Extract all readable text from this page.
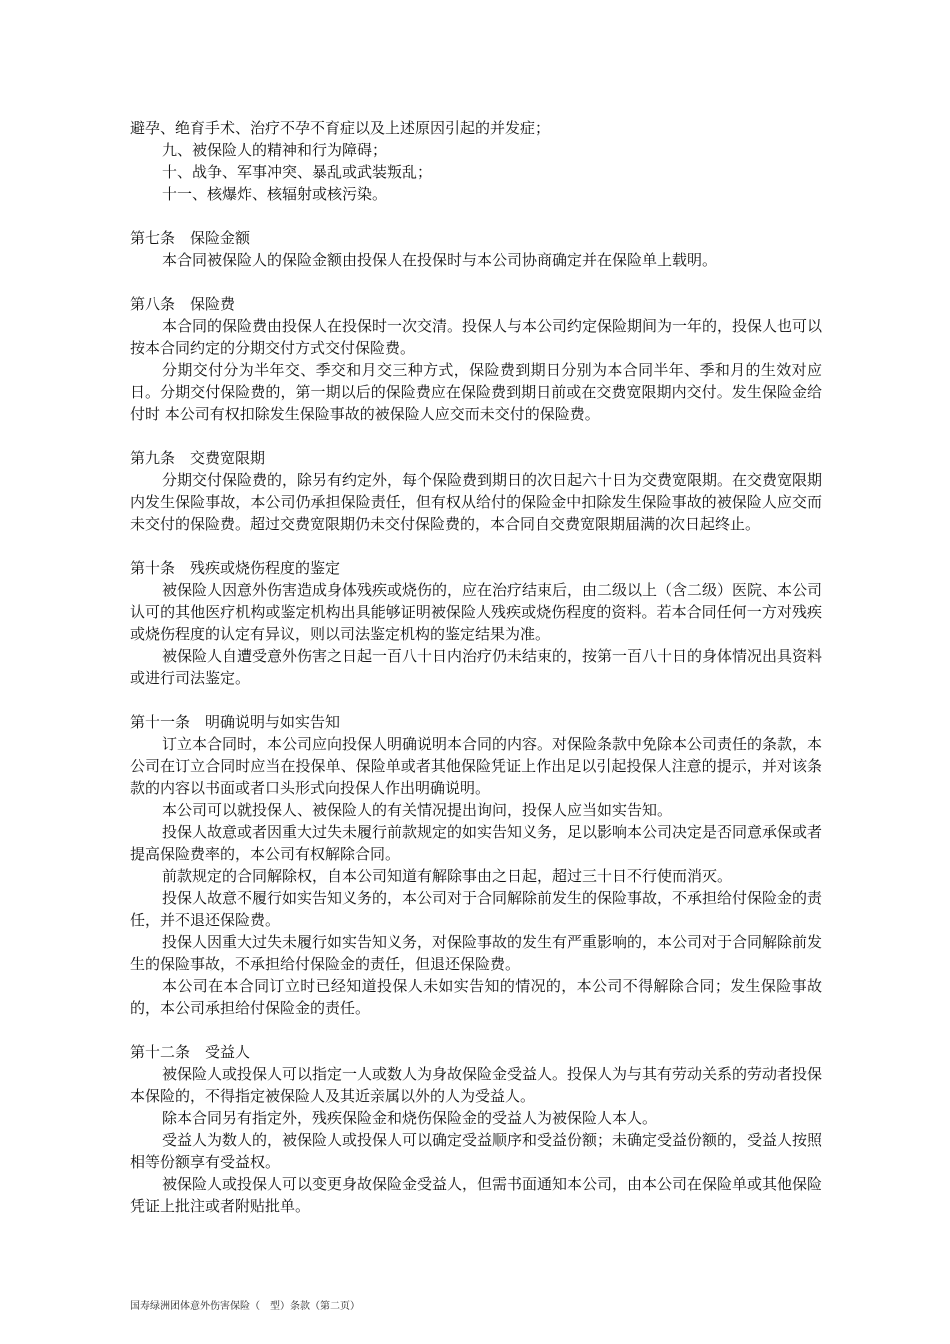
避孕、绝育手术、治疗不孕不育症以及上述原因引起的并发症；

九、被保险人的精神和行为障碍；

十、战争、军事冲突、暴乱或武装叛乱；

十一、核爆炸、核辐射或核污染。

第七条　保险金额

本合同被保险人的保险金额由投保人在投保时与本公司协商确定并在保险单上载明。

第八条　保险费

本合同的保险费由投保人在投保时一次交清。投保人与本公司约定保险期间为一年的，投保人也可以按本合同约定的分期交付方式交付保险费。

分期交付分为半年交、季交和月交三种方式，保险费到期日分别为本合同半年、季和月的生效对应日。分期交付保险费的，第一期以后的保险费应在保险费到期日前或在交费宽限期内交付。发生保险金给付时 本公司有权扣除发生保险事故的被保险人应交而未交付的保险费。

第九条　交费宽限期

分期交付保险费的，除另有约定外，每个保险费到期日的次日起六十日为交费宽限期。在交费宽限期内发生保险事故，本公司仍承担保险责任，但有权从给付的保险金中扣除发生保险事故的被保险人应交而未交付的保险费。超过交费宽限期仍未交付保险费的，本合同自交费宽限期届满的次日起终止。

第十条　残疾或烧伤程度的鉴定

被保险人因意外伤害造成身体残疾或烧伤的，应在治疗结束后，由二级以上（含二级）医院、本公司认可的其他医疗机构或鉴定机构出具能够证明被保险人残疾或烧伤程度的资料。若本合同任何一方对残疾或烧伤程度的认定有异议，则以司法鉴定机构的鉴定结果为准。

被保险人自遭受意外伤害之日起一百八十日内治疗仍未结束的，按第一百八十日的身体情况出具资料或进行司法鉴定。

第十一条　明确说明与如实告知

订立本合同时，本公司应向投保人明确说明本合同的内容。对保险条款中免除本公司责任的条款，本公司在订立合同时应当在投保单、保险单或者其他保险凭证上作出足以引起投保人注意的提示，并对该条款的内容以书面或者口头形式向投保人作出明确说明。

本公司可以就投保人、被保险人的有关情况提出询问，投保人应当如实告知。

投保人故意或者因重大过失未履行前款规定的如实告知义务，足以影响本公司决定是否同意承保或者提高保险费率的，本公司有权解除合同。

前款规定的合同解除权，自本公司知道有解除事由之日起，超过三十日不行使而消灭。

投保人故意不履行如实告知义务的，本公司对于合同解除前发生的保险事故，不承担给付保险金的责任，并不退还保险费。

投保人因重大过失未履行如实告知义务，对保险事故的发生有严重影响的，本公司对于合同解除前发生的保险事故，不承担给付保险金的责任，但退还保险费。

本公司在本合同订立时已经知道投保人未如实告知的情况的，本公司不得解除合同；发生保险事故的，本公司承担给付保险金的责任。

第十二条　受益人

被保险人或投保人可以指定一人或数人为身故保险金受益人。投保人为与其有劳动关系的劳动者投保本保险的，不得指定被保险人及其近亲属以外的人为受益人。

除本合同另有指定外，残疾保险金和烧伤保险金的受益人为被保险人本人。

受益人为数人的，被保险人或投保人可以确定受益顺序和受益份额；未确定受益份额的，受益人按照相等份额享有受益权。

被保险人或投保人可以变更身故保险金受益人，但需书面通知本公司，由本公司在保险单或其他保险凭证上批注或者附贴批单。

国寿绿洲团体意外伤害保险（　型）条款（第二页）
